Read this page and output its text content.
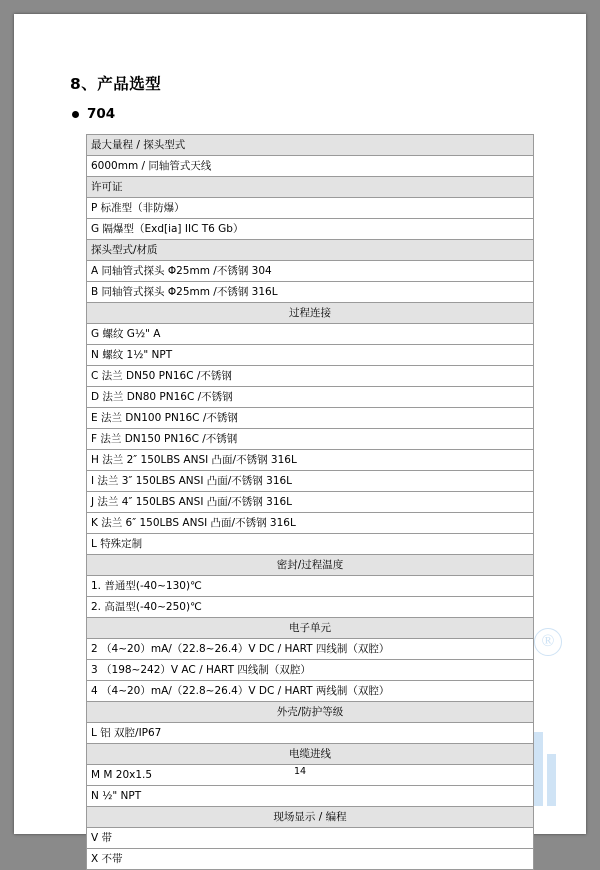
®
8、产品选型
704
最大量程 / 探头型式
6000mm / 同轴管式天线
许可证
P 标准型（非防爆）
G 隔爆型（Exd[ia] IIC T6 Gb）
探头型式/材质
A 同轴管式探头 Φ25mm /不锈钢 304
B 同轴管式探头 Φ25mm /不锈钢 316L
过程连接
G 螺纹 G½" A
N 螺纹 1½" NPT
C 法兰 DN50 PN16C /不锈钢
D 法兰 DN80 PN16C /不锈钢
E 法兰 DN100 PN16C /不锈钢
F 法兰 DN150 PN16C /不锈钢
H 法兰 2″ 150LBS ANSI 凸面/不锈钢 316L
I 法兰 3″ 150LBS ANSI 凸面/不锈钢 316L
J 法兰 4″ 150LBS ANSI 凸面/不锈钢 316L
K 法兰 6″ 150LBS ANSI 凸面/不锈钢 316L
L 特殊定制
密封/过程温度
1. 普通型(-40~130)℃
2. 高温型(-40~250)℃
电子单元
2 （4~20）mA/（22.8~26.4）V DC / HART 四线制（双腔）
3 （198~242）V AC / HART 四线制（双腔）
4 （4~20）mA/（22.8~26.4）V DC / HART 两线制（双腔）
外壳/防护等级
L 铝 双腔/IP67
电缆进线
M M 20x1.5
N ½" NPT
现场显示 / 编程
V 带
X 不带
14
